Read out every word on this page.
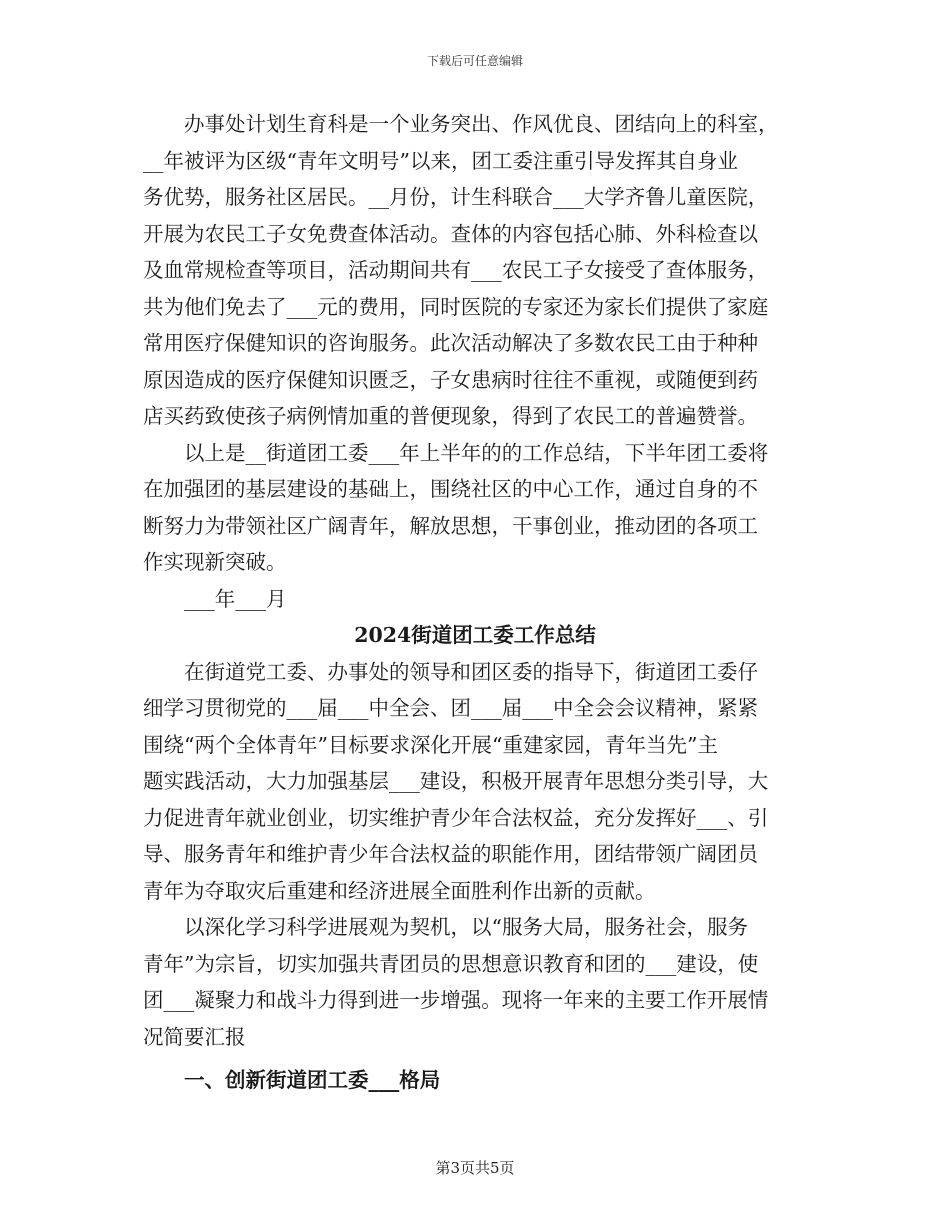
下载后可任意编辑
办事处计划生育科是一个业务突出、作风优良、团结向上的科室，
__年被评为区级“青年文明号”以来，团工委注重引导发挥其自身业
务优势，服务社区居民。__月份，计生科联合___大学齐鲁儿童医院，
开展为农民工子女免费查体活动。查体的内容包括心肺、外科检查以
及血常规检查等项目，活动期间共有___农民工子女接受了查体服务，
共为他们免去了___元的费用，同时医院的专家还为家长们提供了家庭
常用医疗保健知识的咨询服务。此次活动解决了多数农民工由于种种
原因造成的医疗保健知识匮乏，子女患病时往往不重视，或随便到药
店买药致使孩子病例情加重的普便现象，得到了农民工的普遍赞誉。
以上是__街道团工委___年上半年的的工作总结，下半年团工委将
在加强团的基层建设的基础上，围绕社区的中心工作，通过自身的不
断努力为带领社区广阔青年，解放思想，干事创业，推动团的各项工
作实现新突破。

___年___月

2024街道团工委工作总结

在街道党工委、办事处的领导和团区委的指导下，街道团工委仔
细学习贯彻党的___届___中全会、团___届___中全会会议精神，紧紧
围绕“两个全体青年”目标要求深化开展“重建家园，青年当先”主
题实践活动，大力加强基层___建设，积极开展青年思想分类引导，大
力促进青年就业创业，切实维护青少年合法权益，充分发挥好___、引
导、服务青年和维护青少年合法权益的职能作用，团结带领广阔团员
青年为夺取灾后重建和经济进展全面胜利作出新的贡献。
以深化学习科学进展观为契机，以“服务大局，服务社会，服务
青年”为宗旨，切实加强共青团员的思想意识教育和团的___建设，使
团___凝聚力和战斗力得到进一步增强。现将一年来的主要工作开展情
况简要汇报

一、创新街道团工委___格局

第3页共5页
